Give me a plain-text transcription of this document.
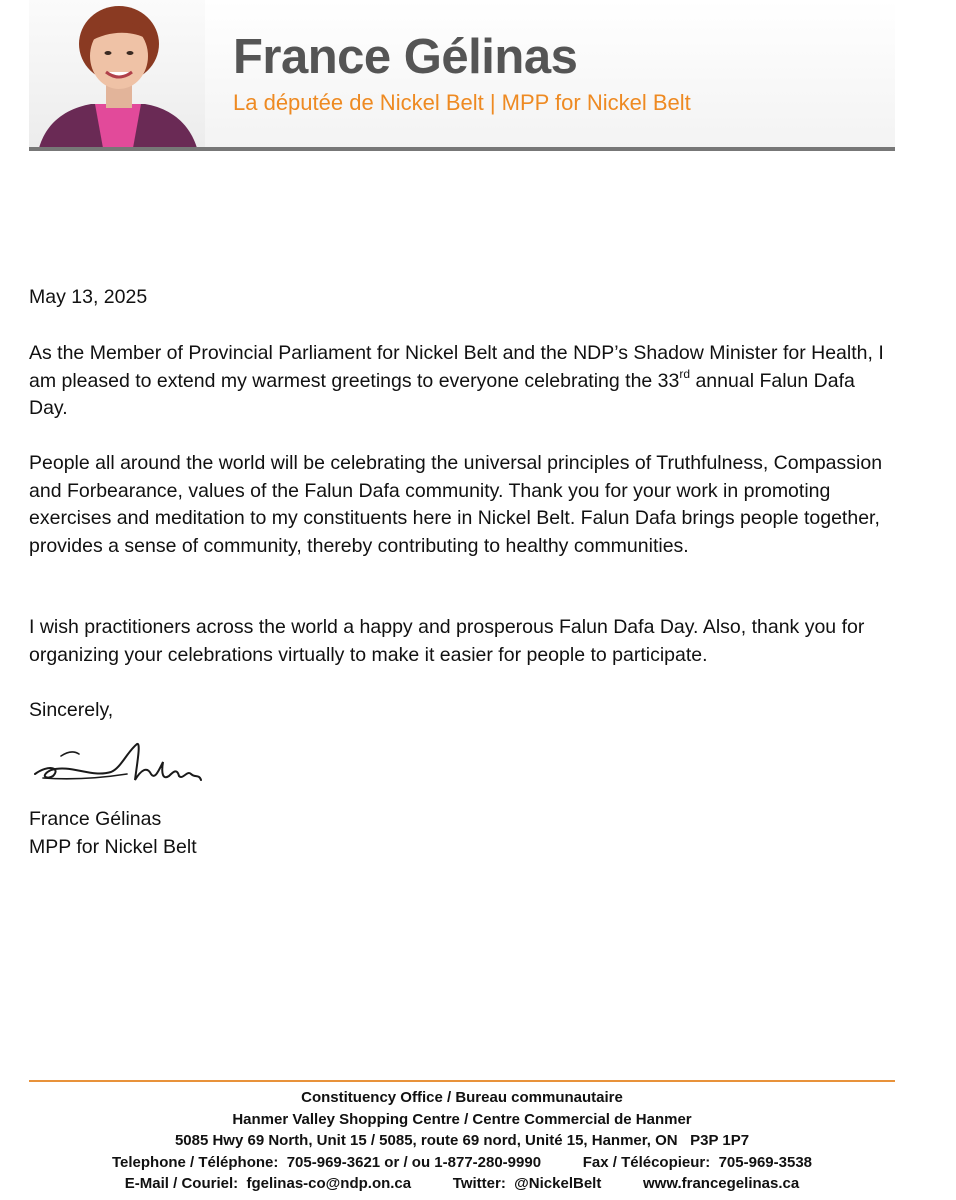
France Gélinas
La députée de Nickel Belt | MPP for Nickel Belt
May 13, 2025

As the Member of Provincial Parliament for Nickel Belt and the NDP’s Shadow Minister for Health, I am pleased to extend my warmest greetings to everyone celebrating the 33rd annual Falun Dafa Day.

People all around the world will be celebrating the universal principles of Truthfulness, Compassion and Forbearance, values of the Falun Dafa community. Thank you for your work in promoting exercises and meditation to my constituents here in Nickel Belt. Falun Dafa brings people together, provides a sense of community, thereby contributing to healthy communities.

I wish practitioners across the world a happy and prosperous Falun Dafa Day. Also, thank you for organizing your celebrations virtually to make it easier for people to participate.

Sincerely,

France Gélinas

MPP for Nickel Belt

Constituency Office / Bureau communautaire
Hanmer Valley Shopping Centre / Centre Commercial de Hanmer
5085 Hwy 69 North, Unit 15 / 5085, route 69 nord, Unité 15, Hanmer, ON   P3P 1P7
Telephone / Téléphone:  705-969-3621 or / ou 1-877-280-9990          Fax / Télécopieur:  705-969-3538
E-Mail / Couriel:  fgelinas-co@ndp.on.ca          Twitter:  @NickelBelt          www.francegelinas.ca
